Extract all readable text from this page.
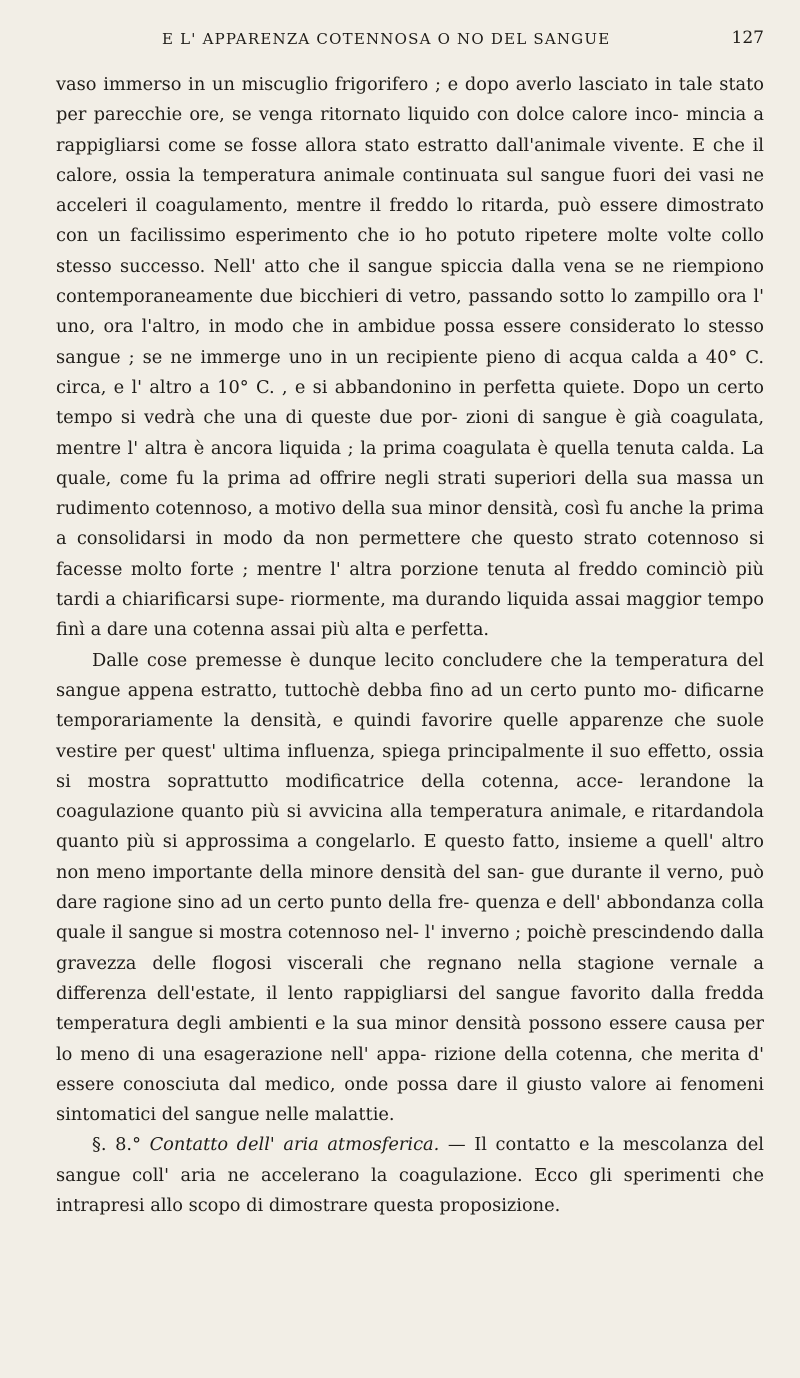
E L' APPARENZA COTENNOSA O NO DEL SANGUE	127

vaso immerso in un miscuglio frigorifero ; e dopo averlo lasciato in tale stato per parecchie ore, se venga ritornato liquido con dolce calore inco- mincia a rappigliarsi come se fosse allora stato estratto dall'animale vivente. E che il calore, ossia la temperatura animale continuata sul sangue fuori dei vasi ne acceleri il coagulamento, mentre il freddo lo ritarda, può essere dimostrato con un facilissimo esperimento che io ho potuto ripetere molte volte collo stesso successo. Nell' atto che il sangue spiccia dalla vena se ne riempiono contemporaneamente due bicchieri di vetro, passando sotto lo zampillo ora l' uno, ora l'altro, in modo che in ambidue possa essere considerato lo stesso sangue ; se ne immerge uno in un recipiente pieno di acqua calda a 40° C. circa, e l' altro a 10° C. , e si abbandonino in perfetta quiete. Dopo un certo tempo si vedrà che una di queste due por- zioni di sangue è già coagulata, mentre l' altra è ancora liquida ; la prima coagulata è quella tenuta calda. La quale, come fu la prima ad offrire negli strati superiori della sua massa un rudimento cotennoso, a motivo della sua minor densità, così fu anche la prima a consolidarsi in modo da non permettere che questo strato cotennoso si facesse molto forte ; mentre l' altra porzione tenuta al freddo cominciò più tardi a chiarificarsi supe- riormente, ma durando liquida assai maggior tempo finì a dare una cotenna assai più alta e perfetta.

Dalle cose premesse è dunque lecito concludere che la temperatura del sangue appena estratto, tuttochè debba fino ad un certo punto mo- dificarne temporariamente la densità, e quindi favorire quelle apparenze che suole vestire per quest' ultima influenza, spiega principalmente il suo effetto, ossia si mostra soprattutto modificatrice della cotenna, acce- lerandone la coagulazione quanto più si avvicina alla temperatura animale, e ritardandola quanto più si approssima a congelarlo. E questo fatto, insieme a quell' altro non meno importante della minore densità del san- gue durante il verno, può dare ragione sino ad un certo punto della fre- quenza e dell' abbondanza colla quale il sangue si mostra cotennoso nel- l' inverno ; poichè prescindendo dalla gravezza delle flogosi viscerali che regnano nella stagione vernale a differenza dell'estate, il lento rappigliarsi del sangue favorito dalla fredda temperatura degli ambienti e la sua minor densità possono essere causa per lo meno di una esagerazione nell' appa- rizione della cotenna, che merita d' essere conosciuta dal medico, onde possa dare il giusto valore ai fenomeni sintomatici del sangue nelle malattie.

§. 8.° Contatto dell' aria atmosferica. — Il contatto e la mescolanza del sangue coll' aria ne accelerano la coagulazione. Ecco gli sperimenti che intrapresi allo scopo di dimostrare questa proposizione.
